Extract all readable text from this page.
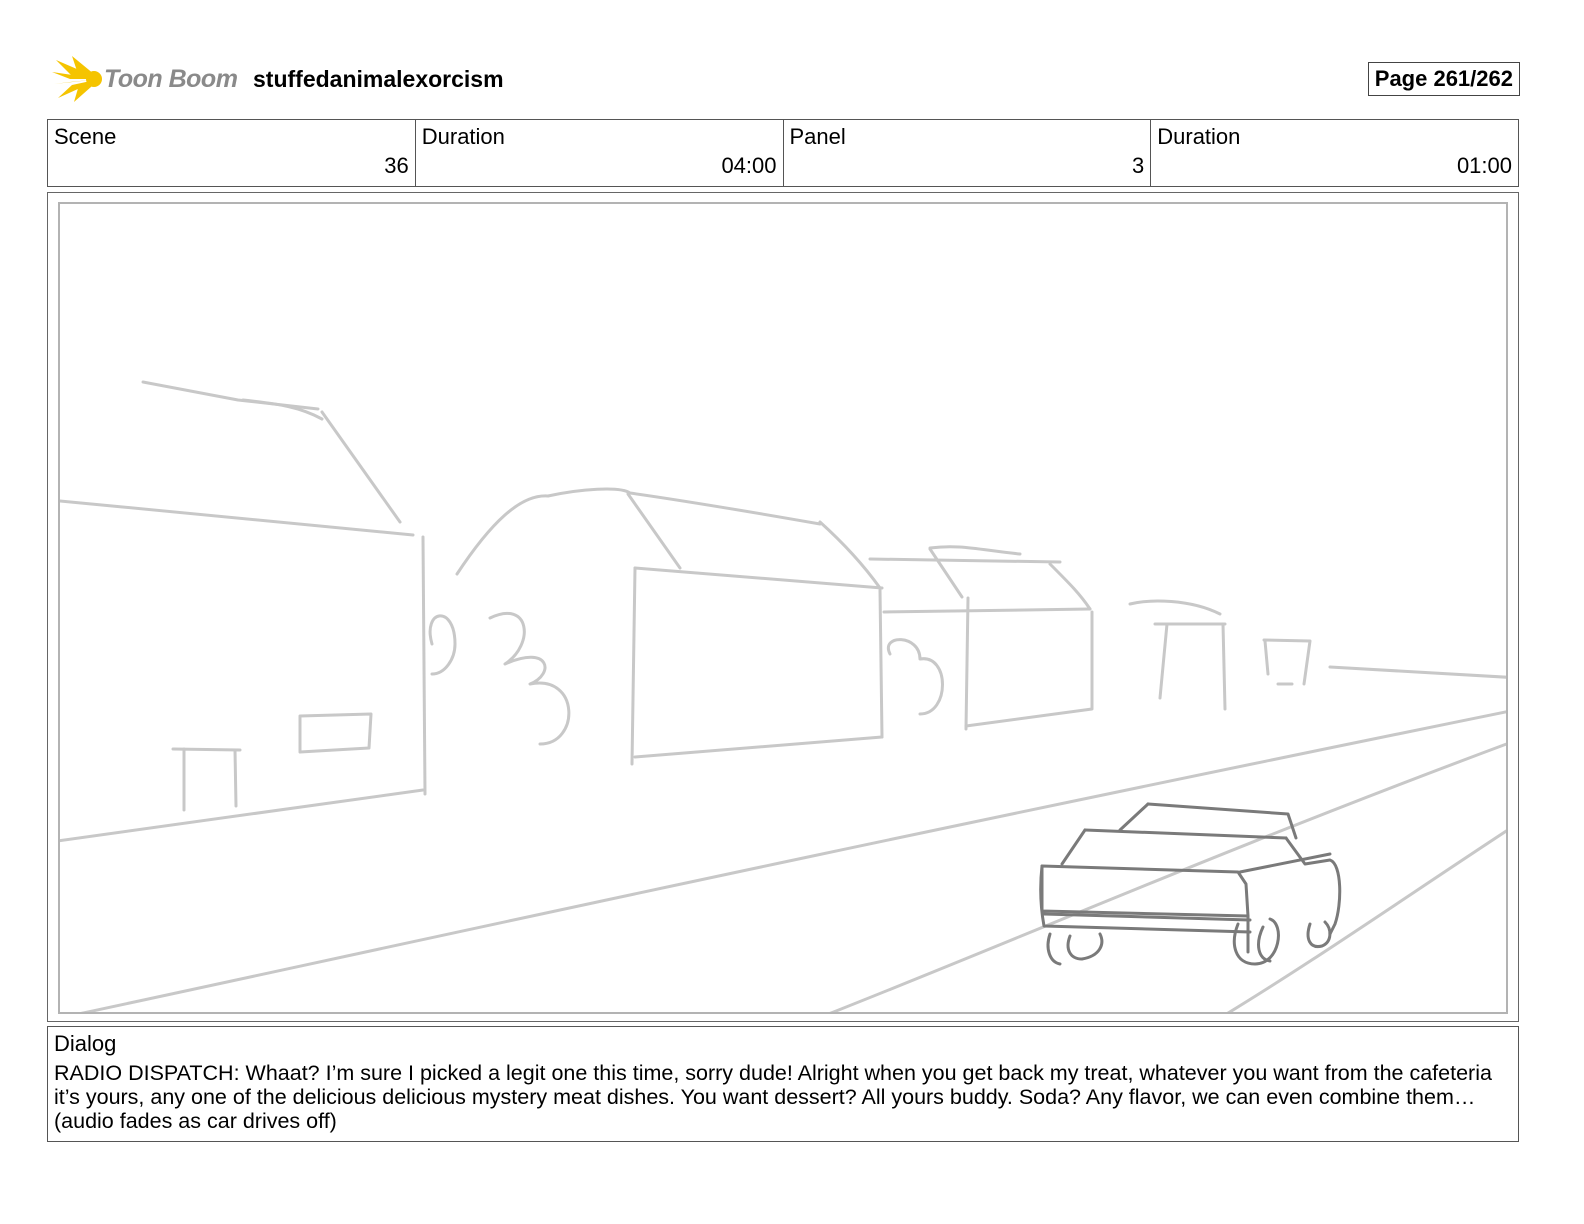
Toon Boom stuffedanimalexorcism	Page 261/262
Scene
36
Duration
04:00
Panel
3
Duration
01:00
Dialog
RADIO DISPATCH: Whaat? I’m sure I picked a legit one this time, sorry dude! Alright when you get back my treat, whatever you want from the cafeteria it’s yours, any one of the delicious delicious mystery meat dishes. You want dessert? All yours buddy. Soda? Any flavor, we can even combine them… (audio fades as car drives off)
